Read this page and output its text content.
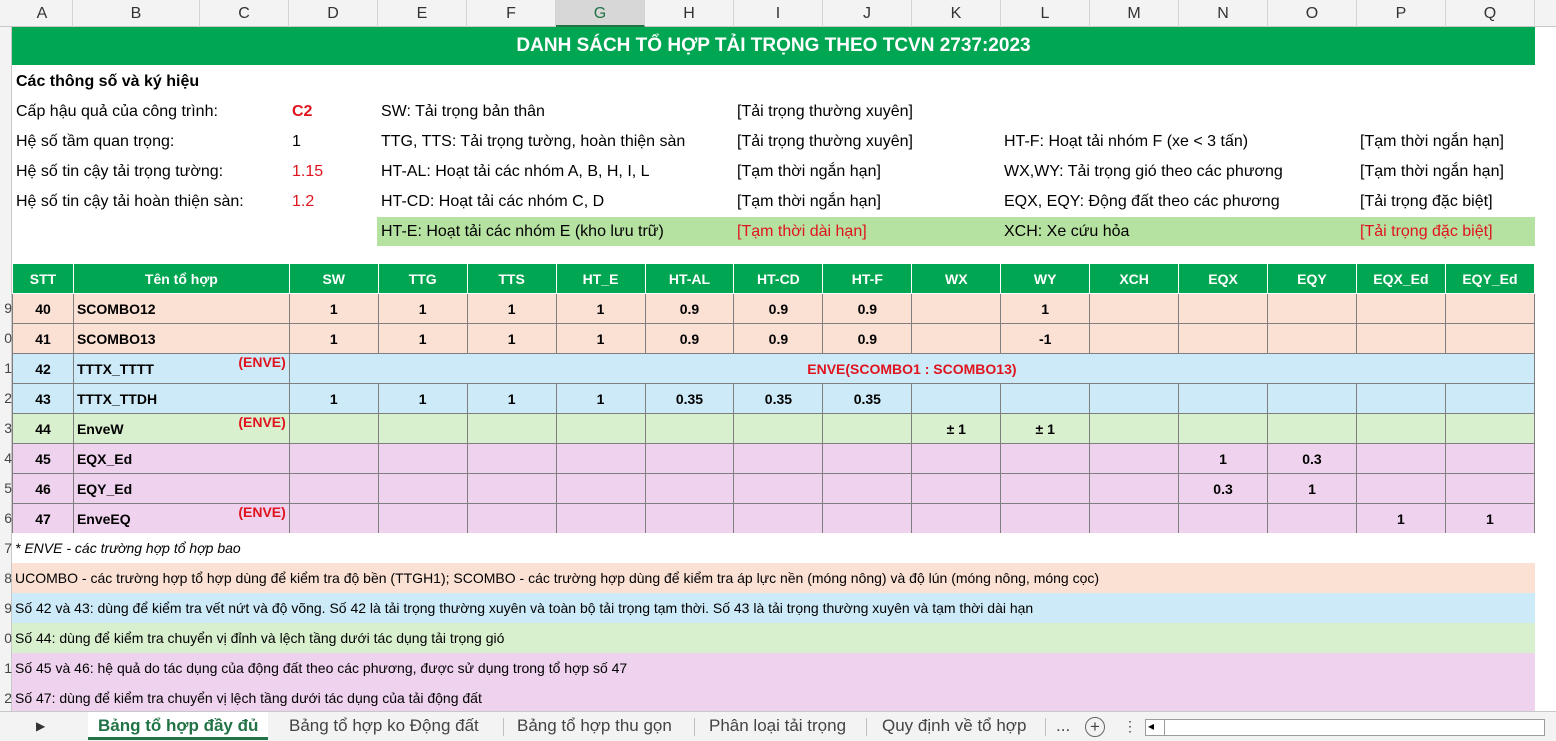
A	B	C	D	E	F	G	H	I	J	K	L	M	N	O	P	Q
9
0
1
2
3
4
5
6
7
8
9
0
1
2
DANH SÁCH TỔ HỢP TẢI TRỌNG THEO TCVN 2737:2023
Các thông số và ký hiệu
Cấp hậu quả của công trình:	C2
Hệ số tầm quan trọng:	1
Hệ số tin cậy tải trọng tường:	1.15
Hệ số tin cậy tải hoàn thiện sàn:	1.2
SW: Tải trọng bản thân	[Tải trọng thường xuyên]
TTG, TTS: Tải trọng tường, hoàn thiện sàn	[Tải trọng thường xuyên]
HT-AL: Hoạt tải các nhóm A, B, H, I, L	[Tạm thời ngắn hạn]
HT-CD: Hoạt tải các nhóm C, D	[Tạm thời ngắn hạn]
HT-E: Hoạt tải các nhóm E (kho lưu trữ)	[Tạm thời dài hạn]
HT-F: Hoạt tải nhóm F (xe < 3 tấn)	[Tạm thời ngắn hạn]
WX,WY: Tải trọng gió theo các phương	[Tạm thời ngắn hạn]
EQX, EQY: Động đất theo các phương	[Tải trọng đặc biệt]
XCH: Xe cứu hỏa	[Tải trọng đặc biệt]
STT	Tên tổ hợp	SW	TTG	TTS	HT_E	HT-AL	HT-CD	HT-F	WX	WY	XCH	EQX	EQY	EQX_Ed	EQY_Ed
40	SCOMBO12	1	1	1	1	0.9	0.9	0.9		1					
41	SCOMBO13	1	1	1	1	0.9	0.9	0.9		-1					
42	TTTX_TTTT (ENVE)	ENVE(SCOMBO1 : SCOMBO13)													
43	TTTX_TTDH	1	1	1	1	0.35	0.35	0.35							
44	EnveW (ENVE)								± 1	± 1					
45	EQX_Ed											1	0.3		
46	EQY_Ed											0.3	1		
47	EnveEQ (ENVE)													1	1
* ENVE - các trường hợp tổ hợp bao
UCOMBO - các trường hợp tổ hợp dùng để kiểm tra độ bền (TTGH1); SCOMBO - các trường hợp dùng để kiểm tra áp lực nền (móng nông) và độ lún (móng nông, móng cọc)
Số 42 và 43: dùng để kiểm tra vết nứt và độ võng. Số 42 là tải trọng thường xuyên và toàn bộ tải trọng tạm thời. Số 43 là tải trọng thường xuyên và tạm thời dài hạn
Số 44: dùng để kiểm tra chuyển vị đỉnh và lệch tầng dưới tác dụng tải trọng gió
Số 45 và 46: hệ quả do tác dụng của động đất theo các phương, được sử dụng trong tổ hợp số 47
Số 47: dùng để kiểm tra chuyển vị lệch tầng dưới tác dụng của tải động đất
▶	Bảng tổ hợp đầy đủ	Bảng tổ hợp ko Động đất Bảng tổ hợp thu gọn Phân loại tải trọng Quy định về tổ hợp ... +	⋮ ◂
